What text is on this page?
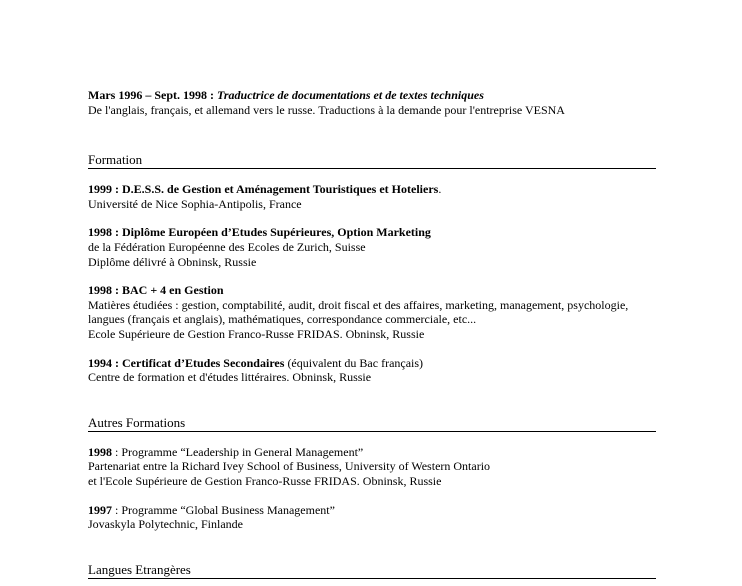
Mars 1996 – Sept. 1998 : Traductrice de documentations et de textes techniques
De l'anglais, français, et allemand vers le russe. Traductions à la demande pour l'entreprise VESNA
Formation
1999 : D.E.S.S. de Gestion et Aménagement Touristiques et Hoteliers.
Université de Nice Sophia-Antipolis, France
1998 : Diplôme Européen d’Etudes Supérieures, Option Marketing
de la Fédération Européenne des Ecoles de Zurich, Suisse
Diplôme délivré à Obninsk, Russie
1998 : BAC + 4 en Gestion
Matières étudiées : gestion, comptabilité, audit, droit fiscal et des affaires, marketing, management, psychologie,
langues (français et anglais), mathématiques, correspondance commerciale, etc...
Ecole Supérieure de Gestion Franco-Russe FRIDAS. Obninsk, Russie
1994 : Certificat d’Etudes Secondaires (équivalent du Bac français)
Centre de formation et d'études littéraires. Obninsk, Russie
Autres Formations
1998 : Programme “Leadership in General Management”
Partenariat entre la Richard Ivey School of Business, University of Western Ontario
et l'Ecole Supérieure de Gestion Franco-Russe FRIDAS. Obninsk, Russie
1997 : Programme “Global Business Management”
Jovaskyla Polytechnic, Finlande
Langues Etrangères
